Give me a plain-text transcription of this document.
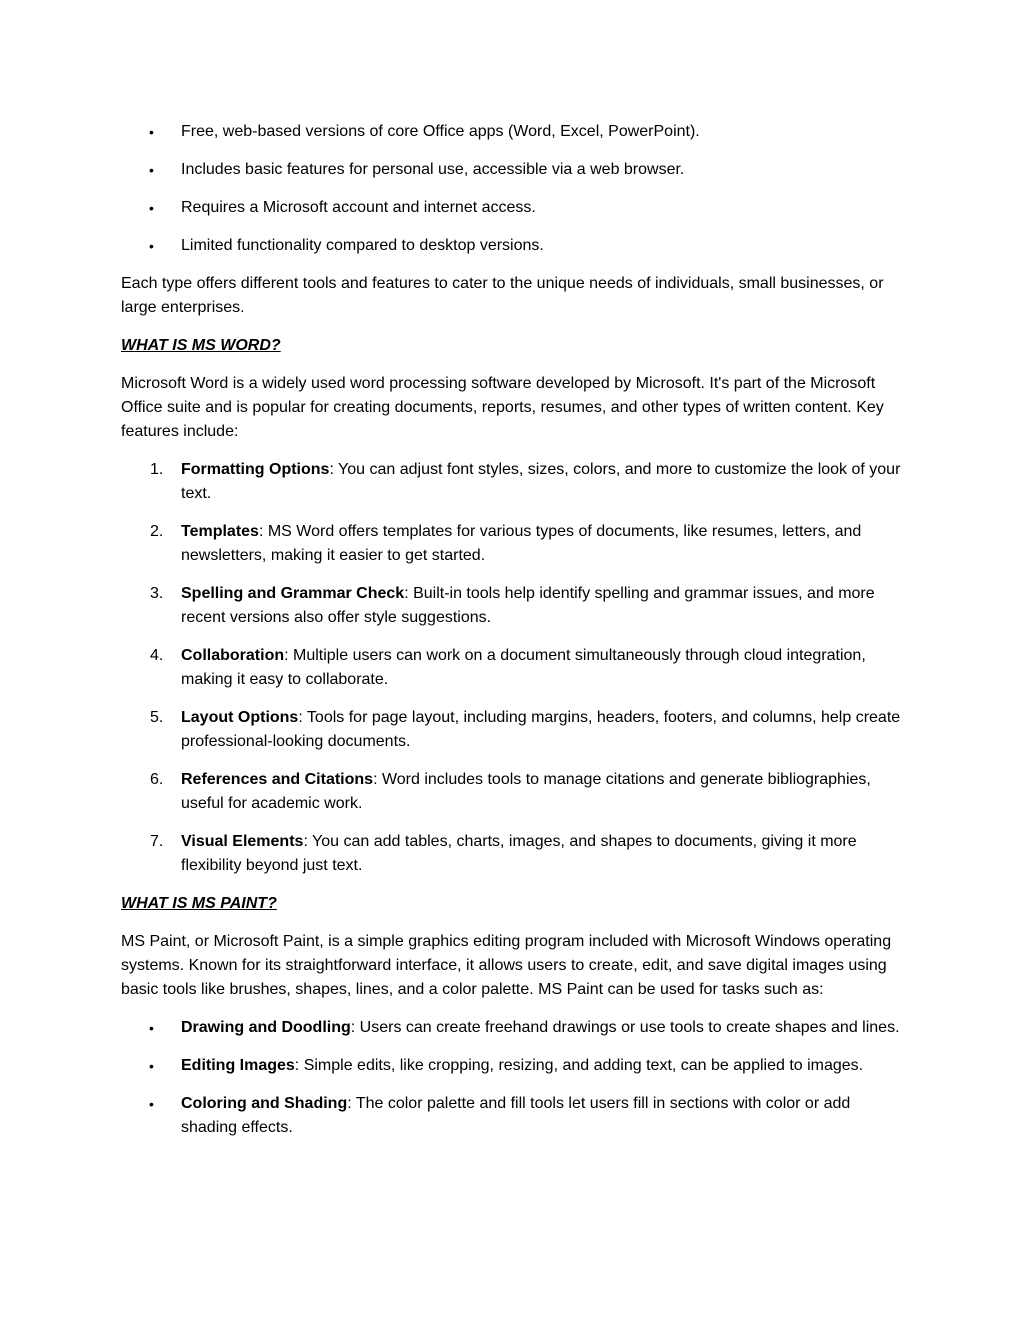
•	Free, web-based versions of core Office apps (Word, Excel, PowerPoint).
•	Includes basic features for personal use, accessible via a web browser.
•	Requires a Microsoft account and internet access.
•	Limited functionality compared to desktop versions.

Each type offers different tools and features to cater to the unique needs of individuals, small businesses, or large enterprises.

WHAT IS MS WORD?

Microsoft Word is a widely used word processing software developed by Microsoft. It's part of the Microsoft Office suite and is popular for creating documents, reports, resumes, and other types of written content. Key features include:

1.	Formatting Options: You can adjust font styles, sizes, colors, and more to customize the look of your text.
2.	Templates: MS Word offers templates for various types of documents, like resumes, letters, and newsletters, making it easier to get started.
3.	Spelling and Grammar Check: Built-in tools help identify spelling and grammar issues, and more recent versions also offer style suggestions.
4.	Collaboration: Multiple users can work on a document simultaneously through cloud integration, making it easy to collaborate.
5.	Layout Options: Tools for page layout, including margins, headers, footers, and columns, help create professional-looking documents.
6.	References and Citations: Word includes tools to manage citations and generate bibliographies, useful for academic work.
7.	Visual Elements: You can add tables, charts, images, and shapes to documents, giving it more flexibility beyond just text.

WHAT IS MS PAINT?

MS Paint, or Microsoft Paint, is a simple graphics editing program included with Microsoft Windows operating systems. Known for its straightforward interface, it allows users to create, edit, and save digital images using basic tools like brushes, shapes, lines, and a color palette. MS Paint can be used for tasks such as:

•	Drawing and Doodling: Users can create freehand drawings or use tools to create shapes and lines.
•	Editing Images: Simple edits, like cropping, resizing, and adding text, can be applied to images.
•	Coloring and Shading: The color palette and fill tools let users fill in sections with color or add shading effects.
